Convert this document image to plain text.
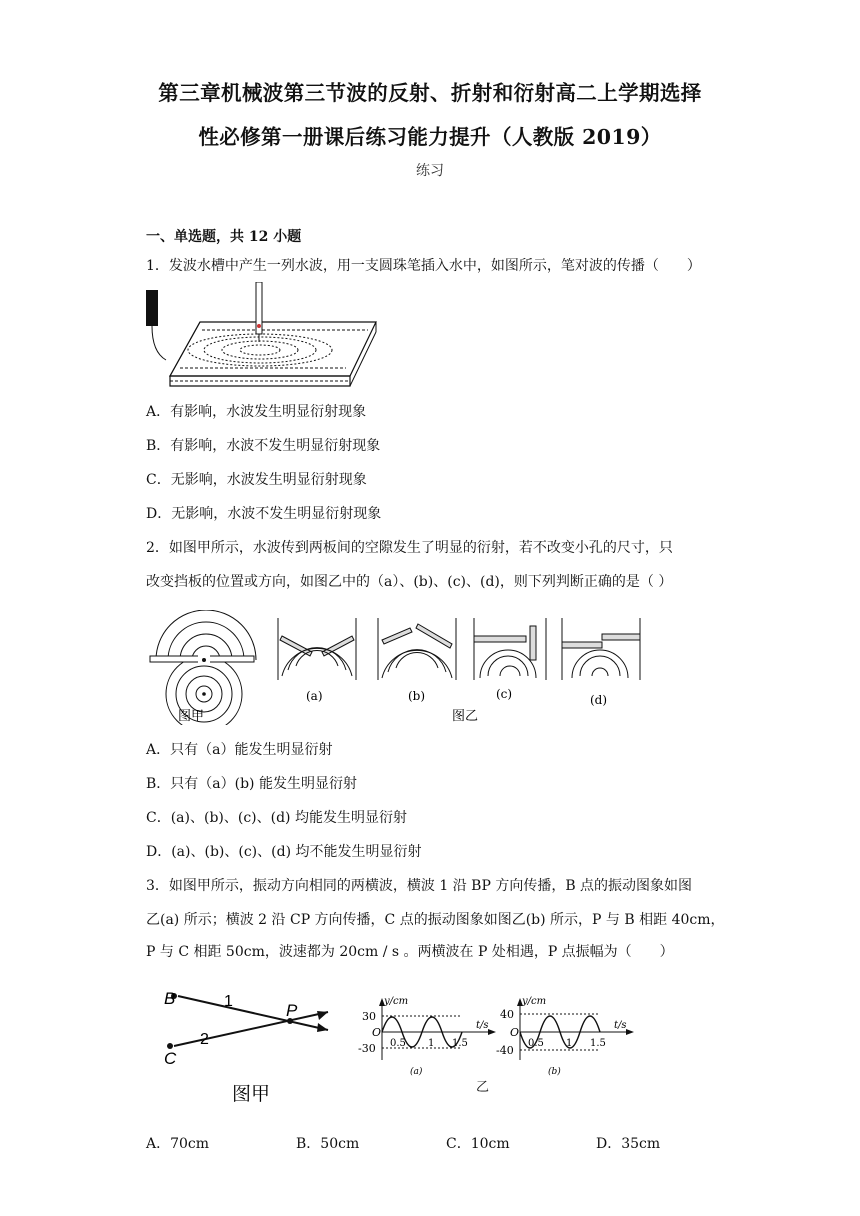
第三章机械波第三节波的反射、折射和衍射高二上学期选择
性必修第一册课后练习能力提升（人教版 2019）
练习
一、单选题，共 12 小题
1．发波水槽中产生一列水波，用一支圆珠笔插入水中，如图所示，笔对波的传播（　　）
A．有影响，水波发生明显衍射现象
B．有影响，水波不发生明显衍射现象
C．无影响，水波发生明显衍射现象
D．无影响，水波不发生明显衍射现象
2．如图甲所示，水波传到两板间的空隙发生了明显的衍射，若不改变小孔的尺寸，只
改变挡板的位置或方向，如图乙中的（a）、(b)、(c)、(d)，则下列判断正确的是（ ）
图甲
(a)	(b)	(c)	(d)
图乙
A．只有（a）能发生明显衍射
B．只有（a）(b) 能发生明显衍射
C．(a)、(b)、(c)、(d) 均能发生明显衍射
D．(a)、(b)、(c)、(d) 均不能发生明显衍射
3．如图甲所示，振动方向相同的两横波，横波 1 沿 BP 方向传播，B 点的振动图象如图
乙(a) 所示；横波 2 沿 CP 方向传播，C 点的振动图象如图乙(b) 所示，P 与 B 相距 40cm，
P 与 C 相距 50cm，波速都为 20cm / s 。两横波在 P 处相遇，P 点振幅为（　　）
B
C
P
1
2
图甲
y/cm
t/s
30
O
-30 0.5 1 1.5
(a)
乙
y/cm
t/s
40
O
-40
0.5 1 1.5
(b)
A．70cm	B．50cm	C．10cm	D．35cm
